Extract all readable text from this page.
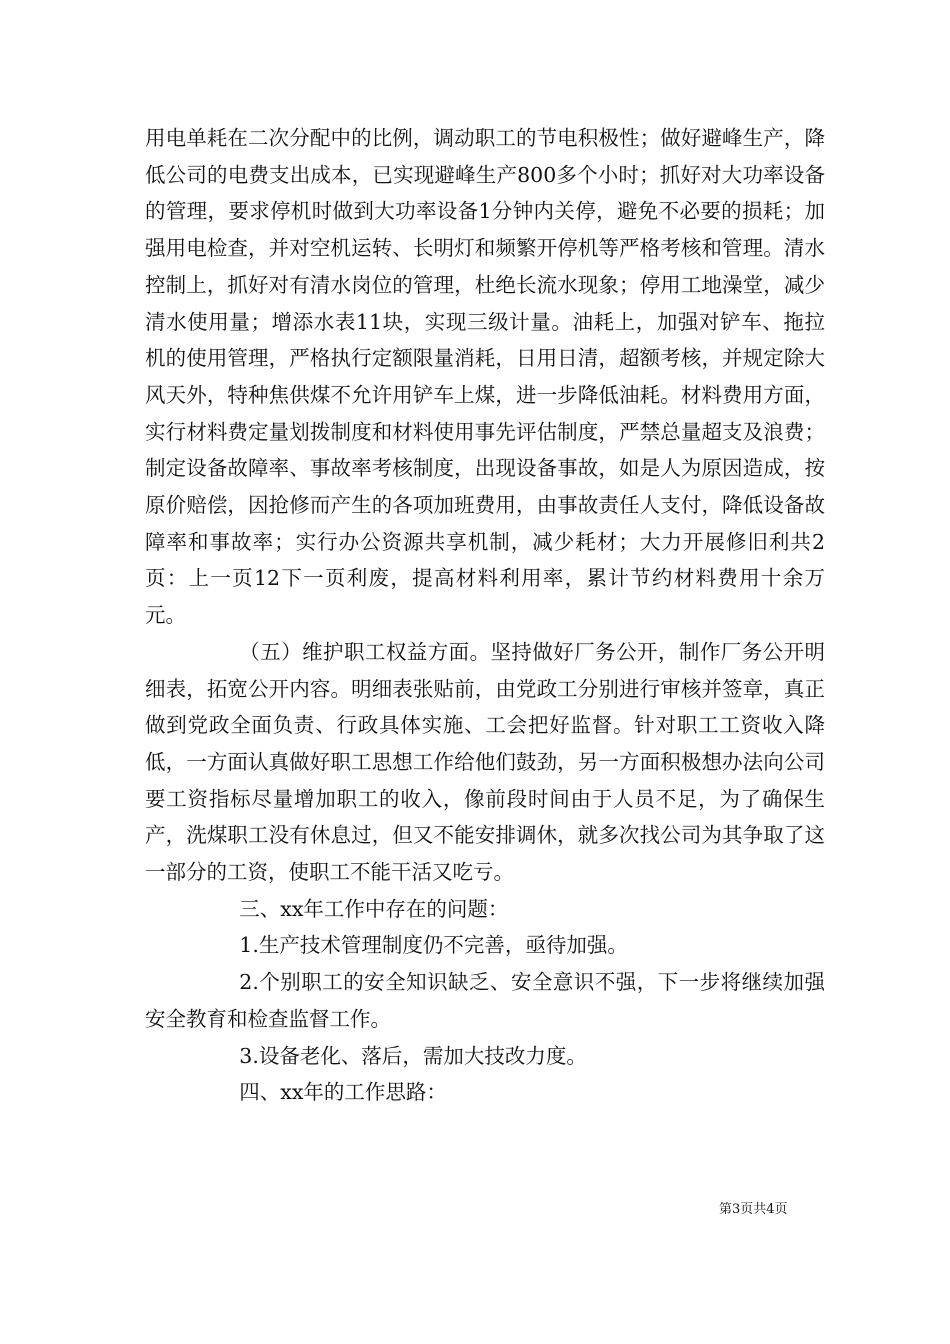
用电单耗在二次分配中的比例，调动职工的节电积极性；做好避峰生产，降低公司的电费支出成本，已实现避峰生产800多个小时；抓好对大功率设备的管理，要求停机时做到大功率设备1分钟内关停，避免不必要的损耗；加强用电检查，并对空机运转、长明灯和频繁开停机等严格考核和管理。清水控制上，抓好对有清水岗位的管理，杜绝长流水现象；停用工地澡堂，减少清水使用量；增添水表11块，实现三级计量。油耗上，加强对铲车、拖拉机的使用管理，严格执行定额限量消耗，日用日清，超额考核，并规定除大风天外，特种焦供煤不允许用铲车上煤，进一步降低油耗。材料费用方面，实行材料费定量划拨制度和材料使用事先评估制度，严禁总量超支及浪费；制定设备故障率、事故率考核制度，出现设备事故，如是人为原因造成，按原价赔偿，因抢修而产生的各项加班费用，由事故责任人支付，降低设备故障率和事故率；实行办公资源共享机制，减少耗材；大力开展修旧利共2页：上一页12下一页利废，提高材料利用率，累计节约材料费用十余万元。

（五）维护职工权益方面。坚持做好厂务公开，制作厂务公开明细表，拓宽公开内容。明细表张贴前，由党政工分别进行审核并签章，真正做到党政全面负责、行政具体实施、工会把好监督。针对职工工资收入降低，一方面认真做好职工思想工作给他们鼓劲，另一方面积极想办法向公司要工资指标尽量增加职工的收入，像前段时间由于人员不足，为了确保生产，洗煤职工没有休息过，但又不能安排调休，就多次找公司为其争取了这一部分的工资，使职工不能干活又吃亏。

三、xx年工作中存在的问题：

1.生产技术管理制度仍不完善，亟待加强。

2.个别职工的安全知识缺乏、安全意识不强，下一步将继续加强安全教育和检查监督工作。

3.设备老化、落后，需加大技改力度。

四、xx年的工作思路：

第3页共4页
